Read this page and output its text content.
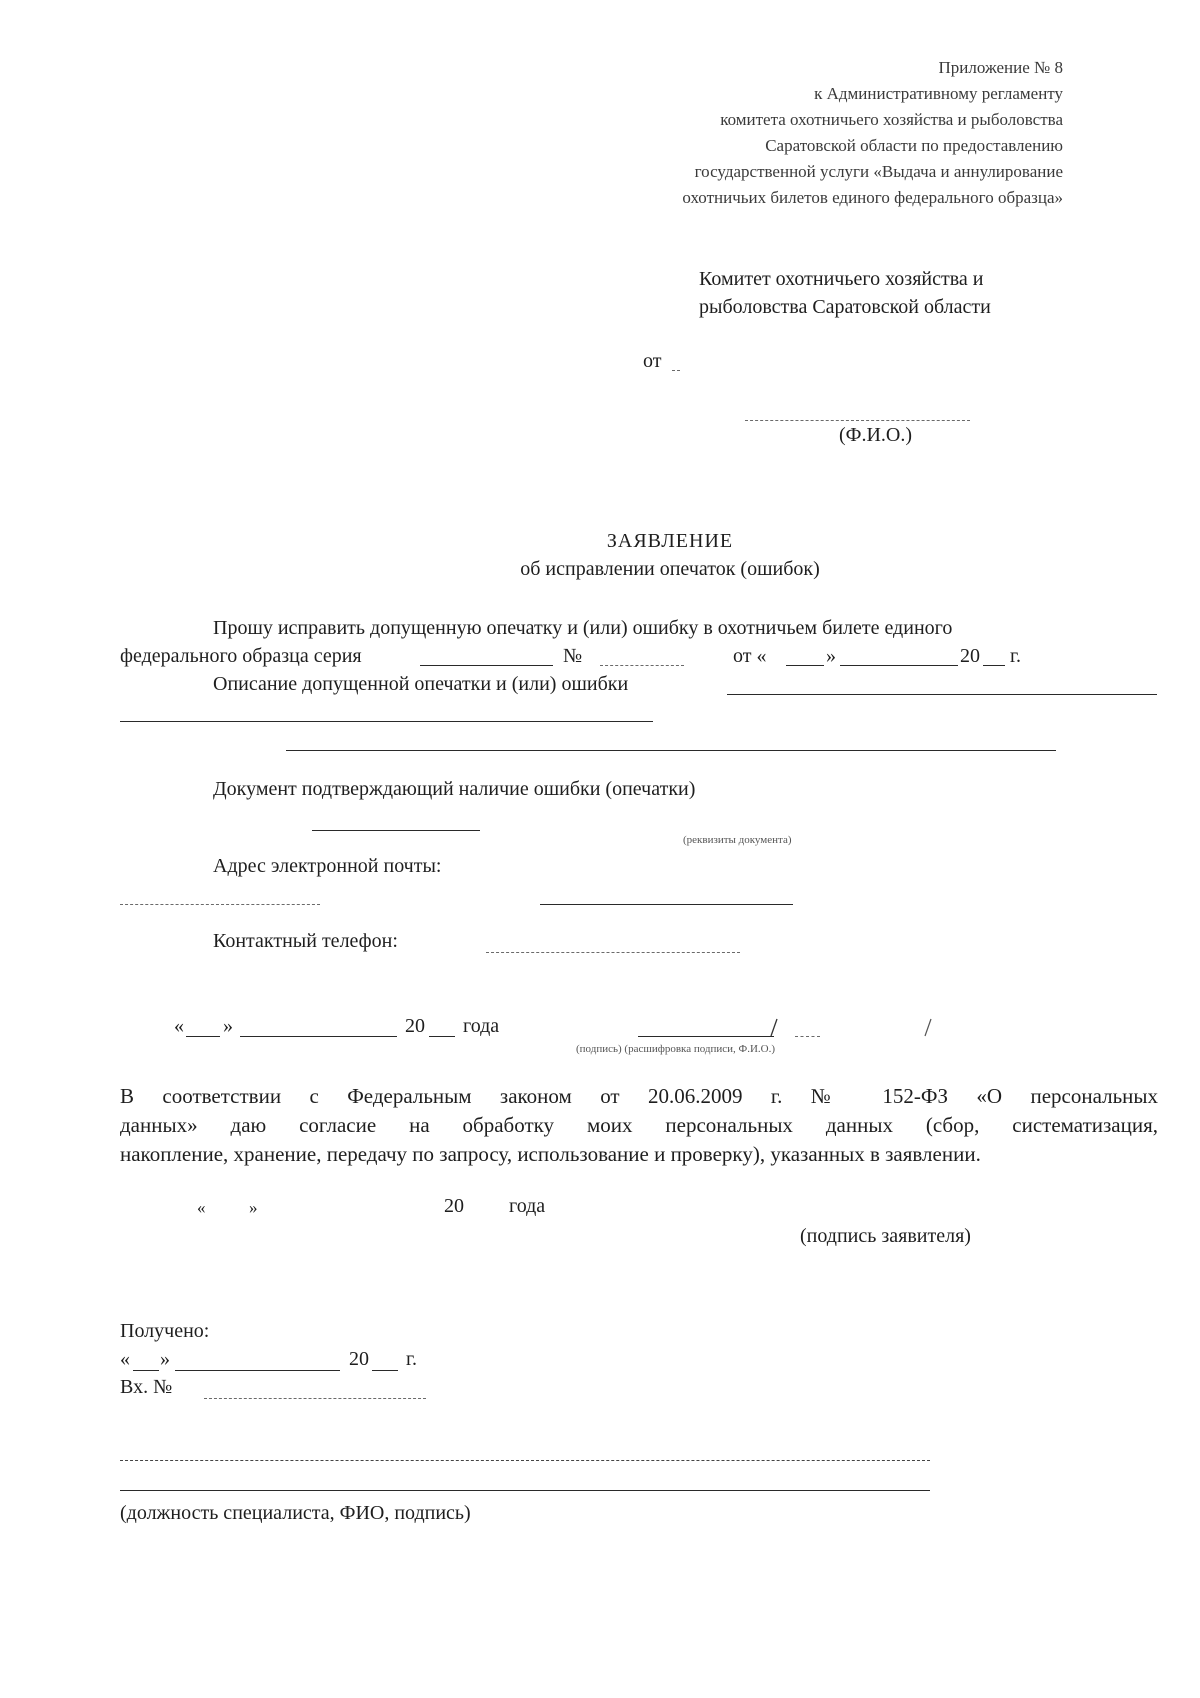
Приложение № 8
к Административному регламенту
комитета охотничьего хозяйства и рыболовства
Саратовской области по предоставлению
государственной услуги «Выдача и аннулирование
охотничьих билетов единого федерального образца»
Комитет охотничьего хозяйства и
рыболовства Саратовской области
от
(Ф.И.О.)
ЗАЯВЛЕНИЕ
об исправлении опечаток (ошибок)
Прошу исправить допущенную опечатку и (или) ошибку в охотничьем билете единого
федерального образца серия	№	от «	»	20 г.
Описание допущенной опечатки и (или) ошибки
Документ подтверждающий наличие ошибки (опечатки)
(реквизиты документа)
Адрес электронной почты:
Контактный телефон:
« »	20 года
(подпись) (расшифровка подписи, Ф.И.О.)
В соответствии с Федеральным законом от 20.06.2009 г. № 152-ФЗ «О персональных
данных» даю согласие на обработку моих персональных данных (сбор, систематизация,
накопление, хранение, передачу по запросу, использование и проверку), указанных в заявлении.
«	»	20 года
(подпись заявителя)
Получено:
« »	20 г.
Вх. №
(должность специалиста, ФИО, подпись)
